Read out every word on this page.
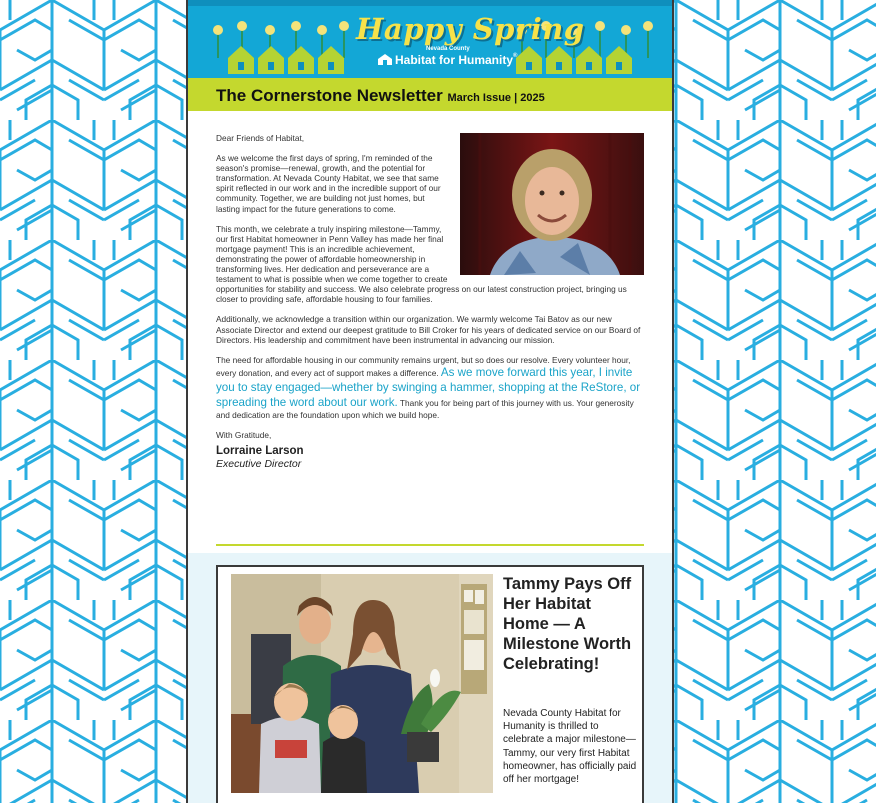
Happy Spring
Nevada County
Habitat for Humanity®
The Cornerstone Newsletter March Issue | 2025

Dear Friends of Habitat,

As we welcome the first days of spring, I'm reminded of the season's promise—renewal, growth, and the potential for transformation. At Nevada County Habitat, we see that same spirit reflected in our work and in the incredible support of our community. Together, we are building not just homes, but lasting impact for the future generations to come.

This month, we celebrate a truly inspiring milestone—Tammy, our first Habitat homeowner in Penn Valley has made her final mortgage payment! This is an incredible achievement, demonstrating the power of affordable homeownership in transforming lives. Her dedication and perseverance are a testament to what is possible when we come together to create opportunities for stability and success. We also celebrate progress on our latest construction project, bringing us closer to providing safe, affordable housing to four families.

Additionally, we acknowledge a transition within our organization. We warmly welcome Tai Batov as our new Associate Director and extend our deepest gratitude to Bill Croker for his years of dedicated service on our Board of Directors. His leadership and commitment have been instrumental in advancing our mission.

The need for affordable housing in our community remains urgent, but so does our resolve. Every volunteer hour, every donation, and every act of support makes a difference. As we move forward this year, I invite you to stay engaged—whether by swinging a hammer, shopping at the ReStore, or spreading the word about our work. Thank you for being part of this journey with us. Your generosity and dedication are the foundation upon which we build hope.

With Gratitude,

Lorraine Larson
Executive Director
Tammy Pays Off Her Habitat Home — A Milestone Worth Celebrating!
Nevada County Habitat for Humanity is thrilled to celebrate a major milestone—Tammy, our very first Habitat homeowner, has officially paid off her mortgage!
